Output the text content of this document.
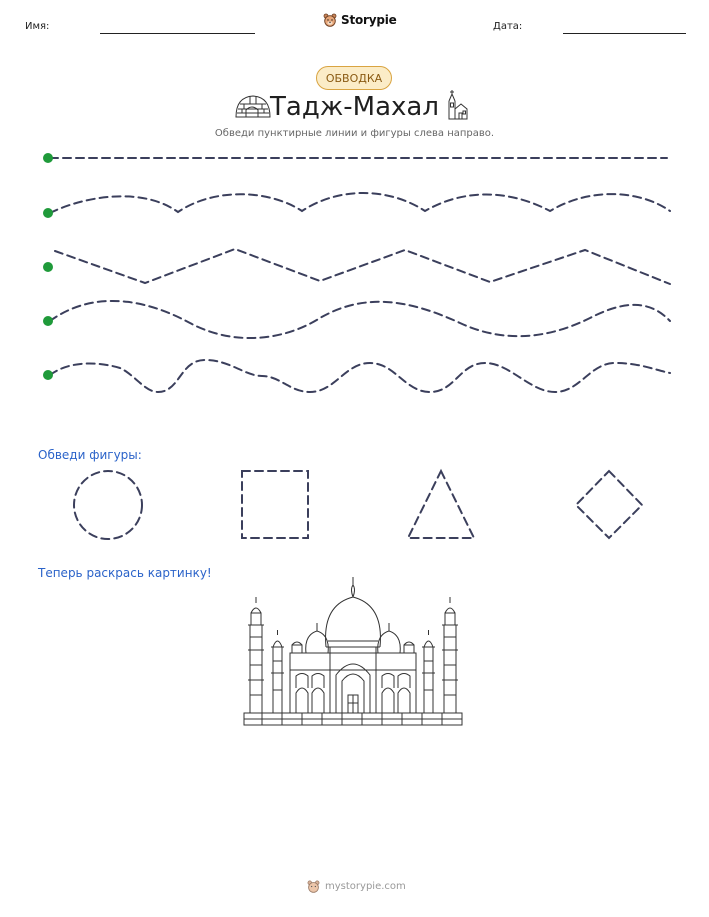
Имя:	Storypie	Дата:
ОБВОДКА
Тадж-Махал
Обведи пунктирные линии и фигуры слева направо.
Обведи фигуры:
Теперь раскрась картинку!
mystorypie.com
